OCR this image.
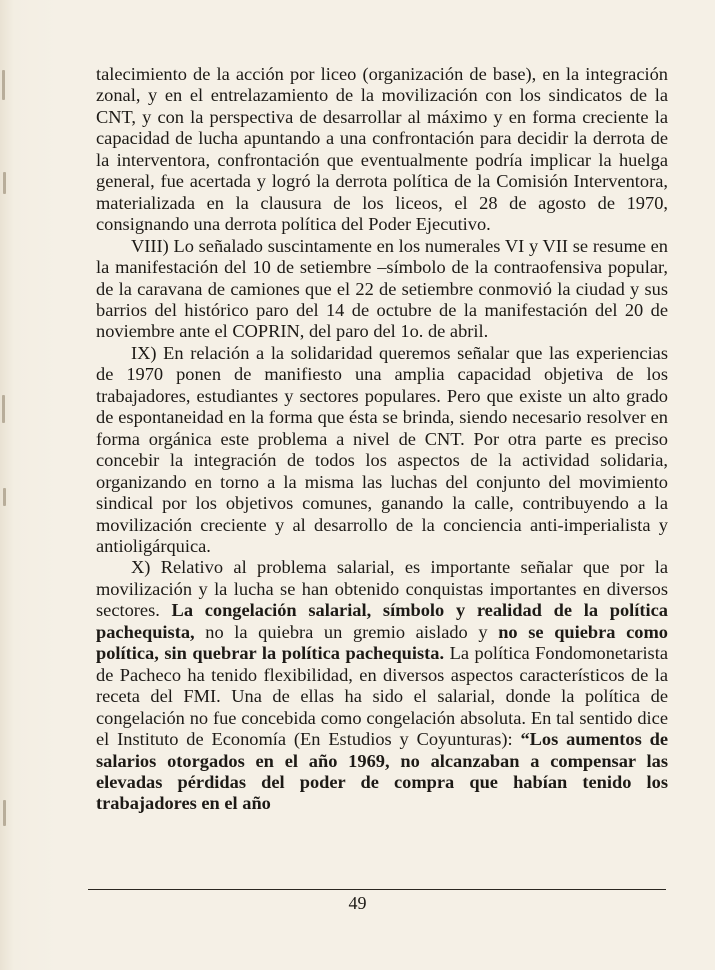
talecimiento de la acción por liceo (organización de base), en la integración zonal, y en el entrelazamiento de la movilización con los sindicatos de la CNT, y con la perspectiva de desarrollar al máximo y en forma creciente la capacidad de lucha apuntando a una confrontación para decidir la derrota de la interventora, confrontación que eventualmente podría implicar la huelga general, fue acertada y logró la derrota política de la Comisión Interventora, materializada en la clausura de los liceos, el 28 de agosto de 1970, consignando una derrota política del Poder Ejecutivo.

VIII) Lo señalado suscintamente en los numerales VI y VII se resume en la manifestación del 10 de setiembre –símbolo de la contraofensiva popular, de la caravana de camiones que el 22 de setiembre conmovió la ciudad y sus barrios del histórico paro del 14 de octubre de la manifestación del 20 de noviembre ante el COPRIN, del paro del 1o. de abril.

IX) En relación a la solidaridad queremos señalar que las experiencias de 1970 ponen de manifiesto una amplia capacidad objetiva de los trabajadores, estudiantes y sectores populares. Pero que existe un alto grado de espontaneidad en la forma que ésta se brinda, siendo necesario resolver en forma orgánica este problema a nivel de CNT. Por otra parte es preciso concebir la integración de todos los aspectos de la actividad solidaria, organizando en torno a la misma las luchas del conjunto del movimiento sindical por los objetivos comunes, ganando la calle, contribuyendo a la movilización creciente y al desarrollo de la conciencia anti-imperialista y antioligárquica.

X) Relativo al problema salarial, es importante señalar que por la movilización y la lucha se han obtenido conquistas importantes en diversos sectores. La congelación salarial, símbolo y realidad de la política pachequista, no la quiebra un gremio aislado y no se quiebra como política, sin quebrar la política pachequista. La política Fondomonetarista de Pacheco ha tenido flexibilidad, en diversos aspectos característicos de la receta del FMI. Una de ellas ha sido el salarial, donde la política de congelación no fue concebida como congelación absoluta. En tal sentido dice el Instituto de Economía (En Estudios y Coyunturas): “Los aumentos de salarios otorgados en el año 1969, no alcanzaban a compensar las elevadas pérdidas del poder de compra que habían tenido los trabajadores en el año

49
